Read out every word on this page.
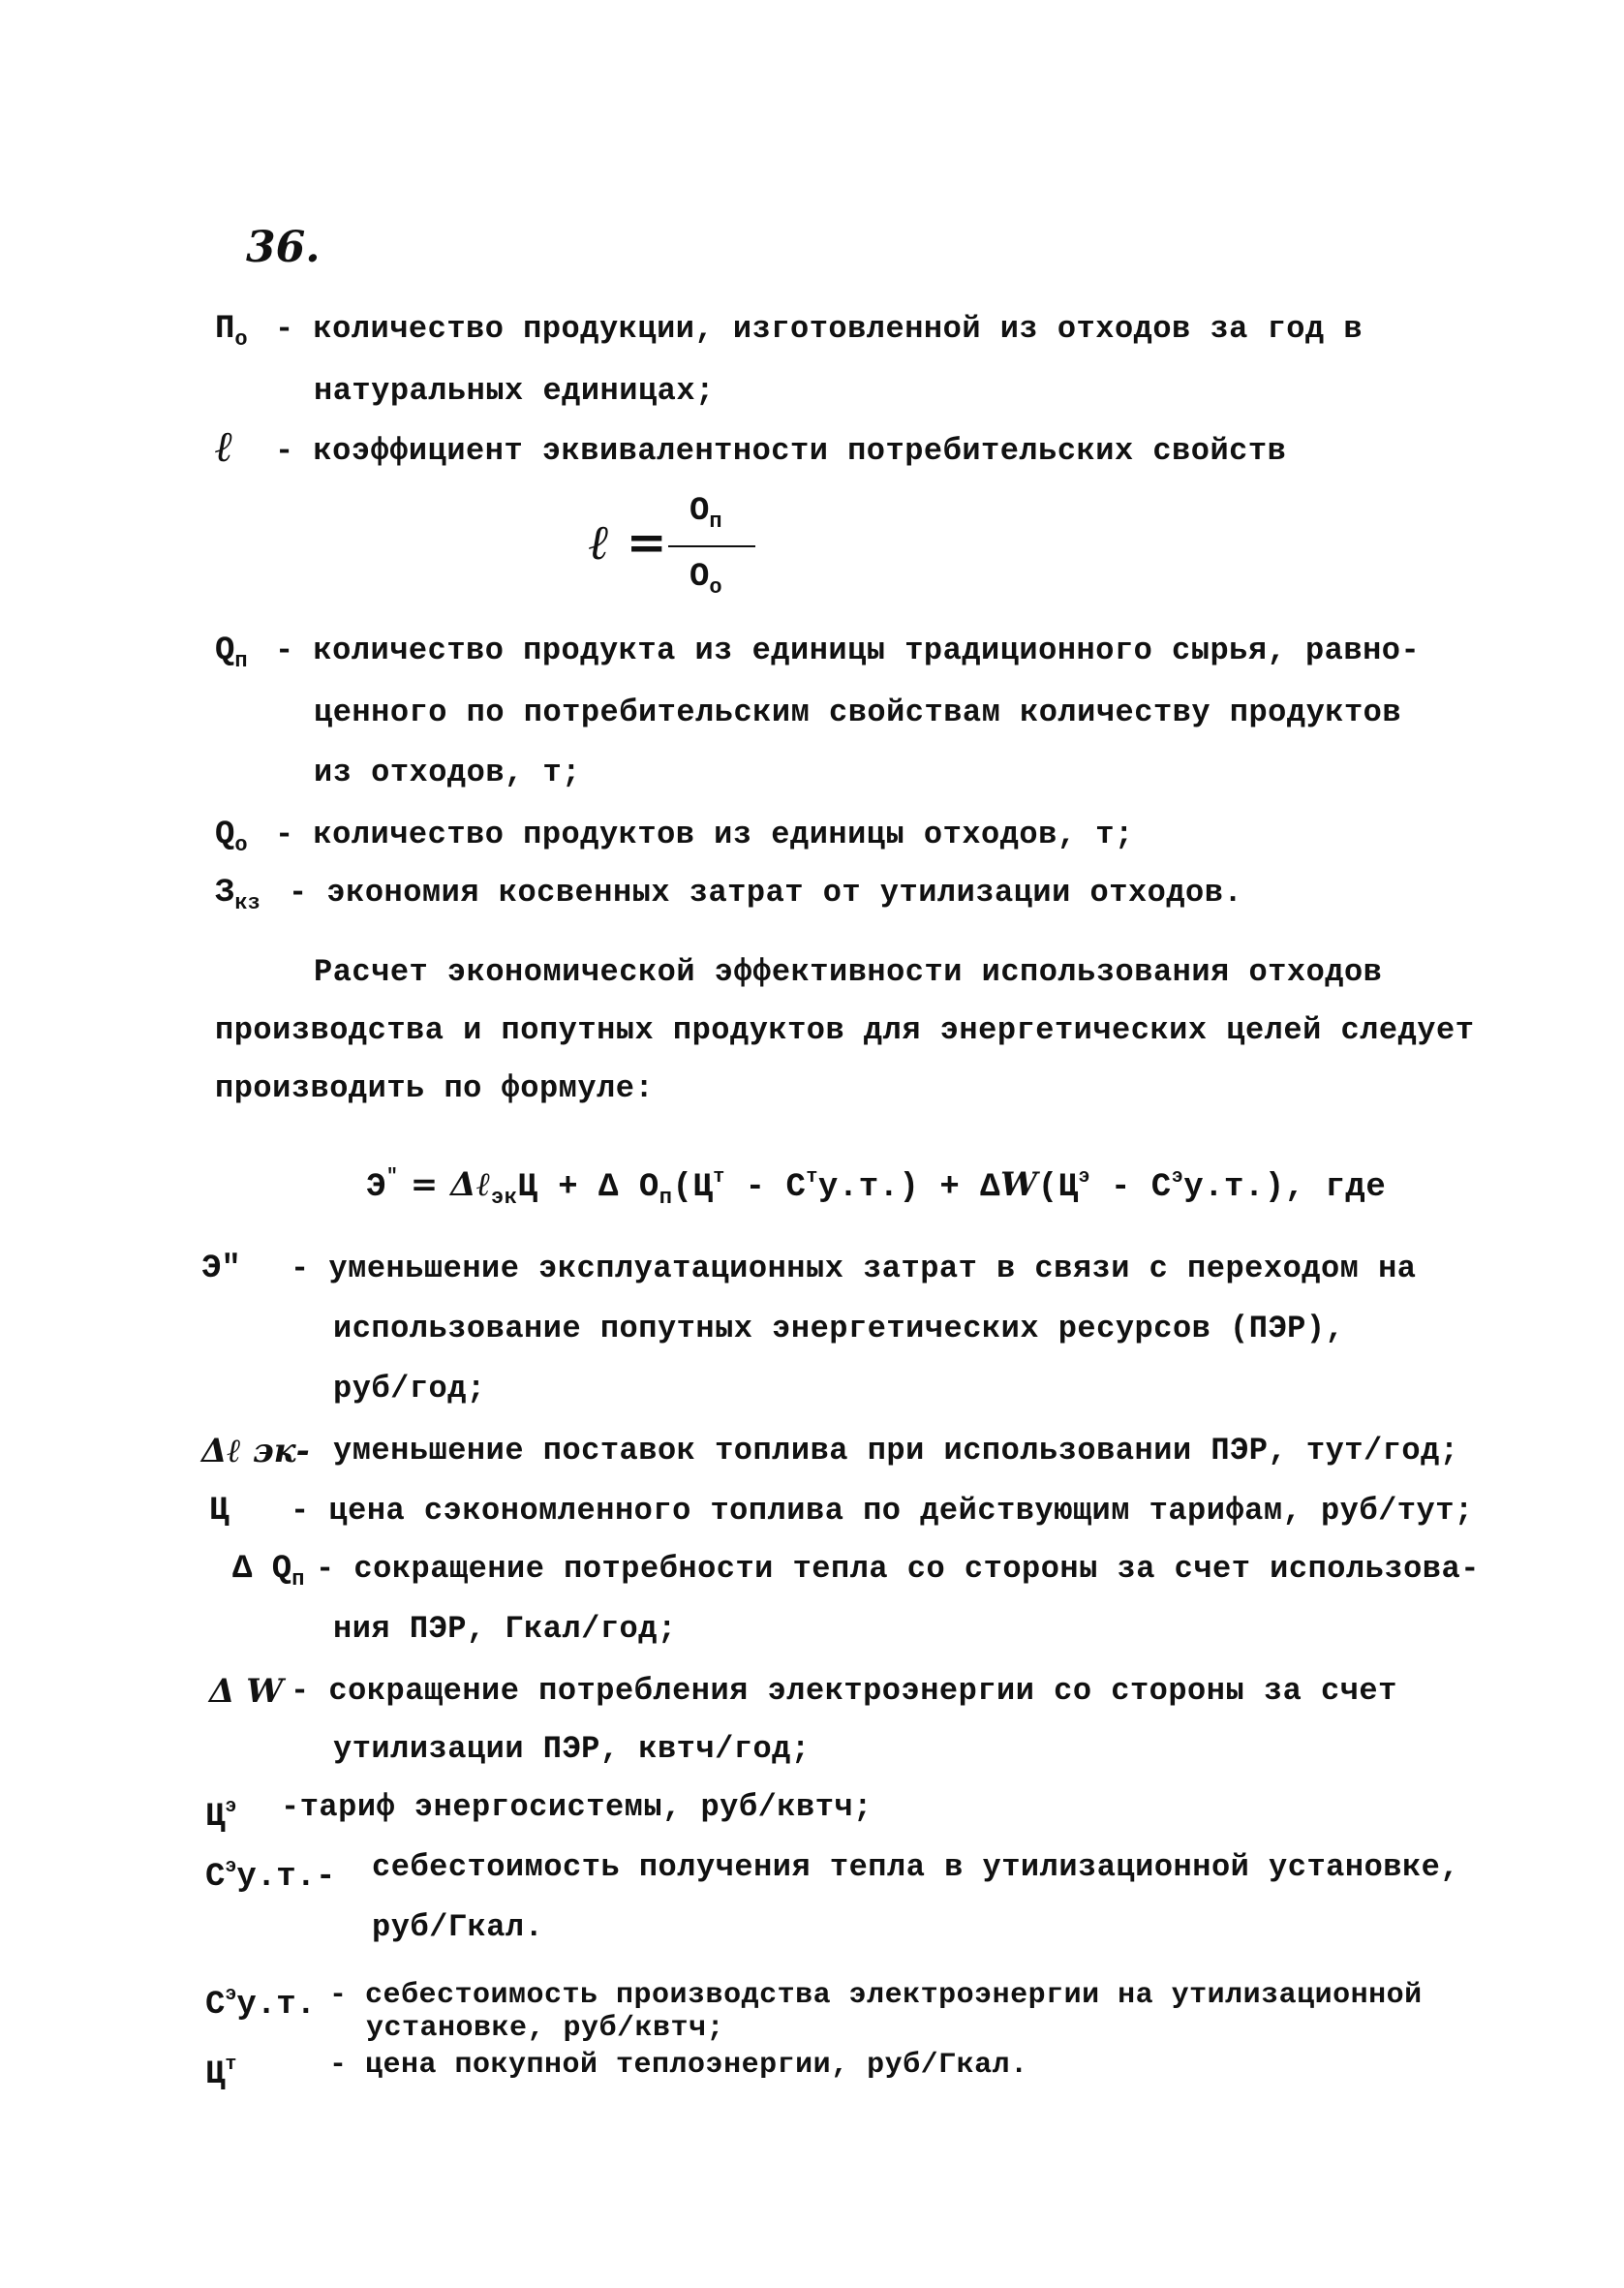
36.
$П_о$ - количество продукции, изготовленной из отходов за год в
натуральных единицах;
ℓ - коэффициент эквивалентности потребительских свойств
ℓ =
$O_п$
$O_о$
$Q_п$ - количество продукта из единицы традиционного сырья, равно-
ценного по потребительским свойствам количеству продуктов
из отходов, т;
$Q_о$ - количество продуктов из единицы отходов, т;
$З_{кз}$ - экономия косвенных затрат от утилизации отходов.
Расчет экономической эффективности использования отходов
производства и попутных продуктов для энергетических целей следует
производить по формуле:
Э" = Δℓ$_{эк}$Ц + Δ $O_п(Ц^т - C^ту.т.) + \Delta W(Ц^э - C^эу.т.)$, где
Э" - уменьшение эксплуатационных затрат в связи с переходом на
использование попутных энергетических ресурсов (ПЭР),
руб/год;
Δℓ эк- уменьшение поставок топлива при использовании ПЭР, тут/год;
Ц - цена сэкономленного топлива по действующим тарифам, руб/тут;
Δ $Q_п$ - сокращение потребности тепла со стороны за счет использова-
ния ПЭР, Гкал/год;
Δ W - сокращение потребления электроэнергии со стороны за счет
утилизации ПЭР, квтч/год;
$Ц^э$ -тариф энергосистемы, руб/квтч;
$C^эу.т.-$ себестоимость получения тепла в утилизационной установке,
руб/Гкал.
$C^эу.т$. - себестоимость производства электроэнергии на утилизационной
установке, руб/квтч;
$Ц^т$	- цена покупной теплоэнергии, руб/Гкал.
